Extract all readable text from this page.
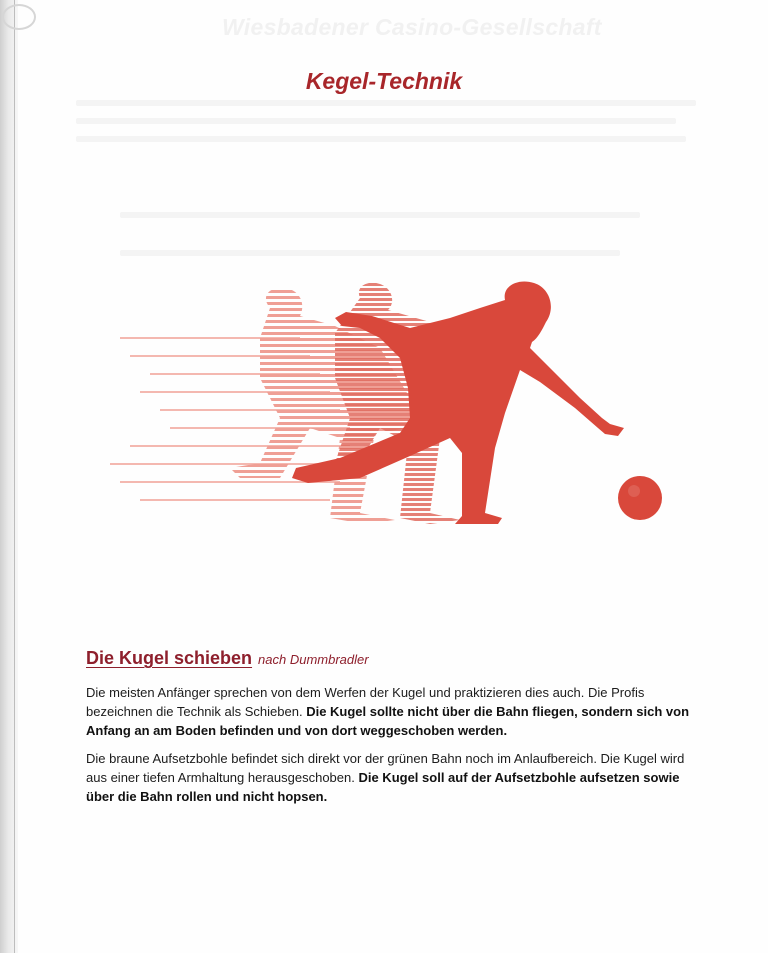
Wiesbadener Casino-Gesellschaft
Kegel-Technik
Die Kugel schieben nach Dummbradler
Die meisten Anfänger sprechen von dem Werfen der Kugel und praktizieren dies auch. Die Profis bezeichnen die Technik als Schieben. Die Kugel sollte nicht über die Bahn fliegen, sondern sich von Anfang an am Boden befinden und von dort weggeschoben werden.
Die braune Aufsetzbohle befindet sich direkt vor der grünen Bahn noch im Anlaufbereich. Die Kugel wird aus einer tiefen Armhaltung herausgeschoben. Die Kugel soll auf der Aufsetzbohle aufsetzen sowie über die Bahn rollen und nicht hopsen.
